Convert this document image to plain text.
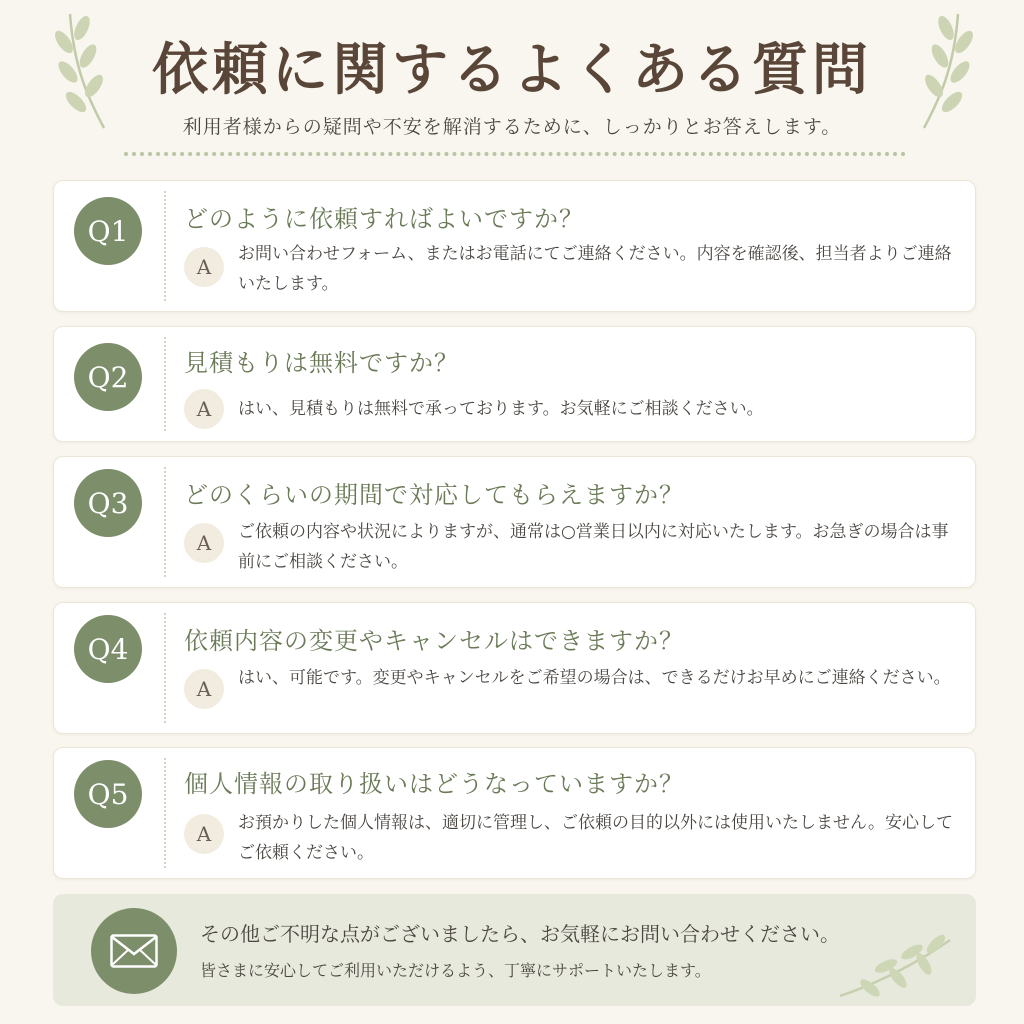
依頼に関するよくある質問

利用者様からの疑問や不安を解消するために、しっかりとお答えします。

Q1	どのように依頼すればよいですか？
A
お問い合わせフォーム、またはお電話にてご連絡ください。内容を確認後、担当者よりご連絡いたします。
Q2	見積もりは無料ですか？
A	はい、見積もりは無料で承っております。お気軽にご相談ください。
Q3	どのくらいの期間で対応してもらえますか？
A	ご依頼の内容や状況によりますが、通常は○営業日以内に対応いたします。お急ぎの場合は事前にご相談ください。
Q4	依頼内容の変更やキャンセルはできますか？
A	はい、可能です。変更やキャンセルをご希望の場合は、できるだけお早めにご連絡ください。
Q5	個人情報の取り扱いはどうなっていますか？
A	お預かりした個人情報は、適切に管理し、ご依頼の目的以外には使用いたしません。安心してご依頼ください。

その他ご不明な点がございましたら、お気軽にお問い合わせください。

皆さまに安心してご利用いただけるよう、丁寧にサポートいたします。
